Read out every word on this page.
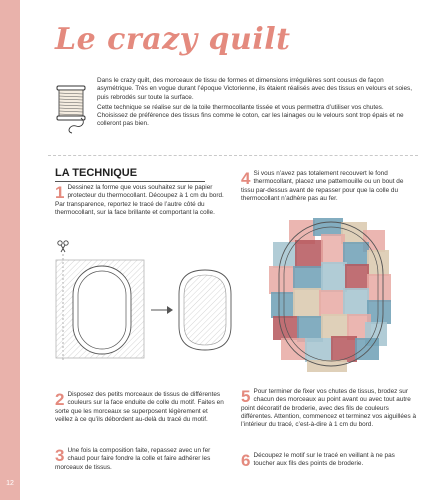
12
Le crazy quilt

Dans le crazy quilt, des morceaux de tissu de formes et dimensions irrégulières sont cousus de façon asymétrique. Très en vogue durant l’époque Victorienne, ils étaient réalisés avec des tissus en velours et soies, puis rebrodés sur toute la surface.

Cette technique se réalise sur de la toile thermocollante tissée et vous permettra d’utiliser vos chutes. Choisissez de préférence des tissus fins comme le coton, car les lainages ou le velours sont trop épais et ne colleront pas bien.

LA TECHNIQUE
1 Dessinez la forme que vous souhaitez sur le papier protecteur du thermocollant. Découpez à 1 cm du bord. Par transparence, reportez le tracé de l’autre côté du thermocollant, sur la face brillante et comportant la colle.
4 Si vous n’avez pas totalement recouvert le fond thermocollant, placez une pattemouille ou un bout de tissu par-dessus avant de repasser pour que la colle du thermocollant n’adhère pas au fer.
2 Disposez des petits morceaux de tissus de différentes couleurs sur la face enduite de colle du motif. Faites en sorte que les morceaux se superposent légèrement et veillez à ce qu’ils débordent au-delà du tracé du motif.
3 Une fois la composition faite, repassez avec un fer chaud pour faire fondre la colle et faire adhérer les morceaux de tissus.
5 Pour terminer de fixer vos chutes de tissus, brodez sur chacun des morceaux au point avant ou avec tout autre point décoratif de broderie, avec des fils de couleurs différentes. Attention, commencez et terminez vos aiguillées à l’intérieur du tracé, c’est-à-dire à 1 cm du bord.
6 Découpez le motif sur le tracé en veillant à ne pas toucher aux fils des points de broderie.
